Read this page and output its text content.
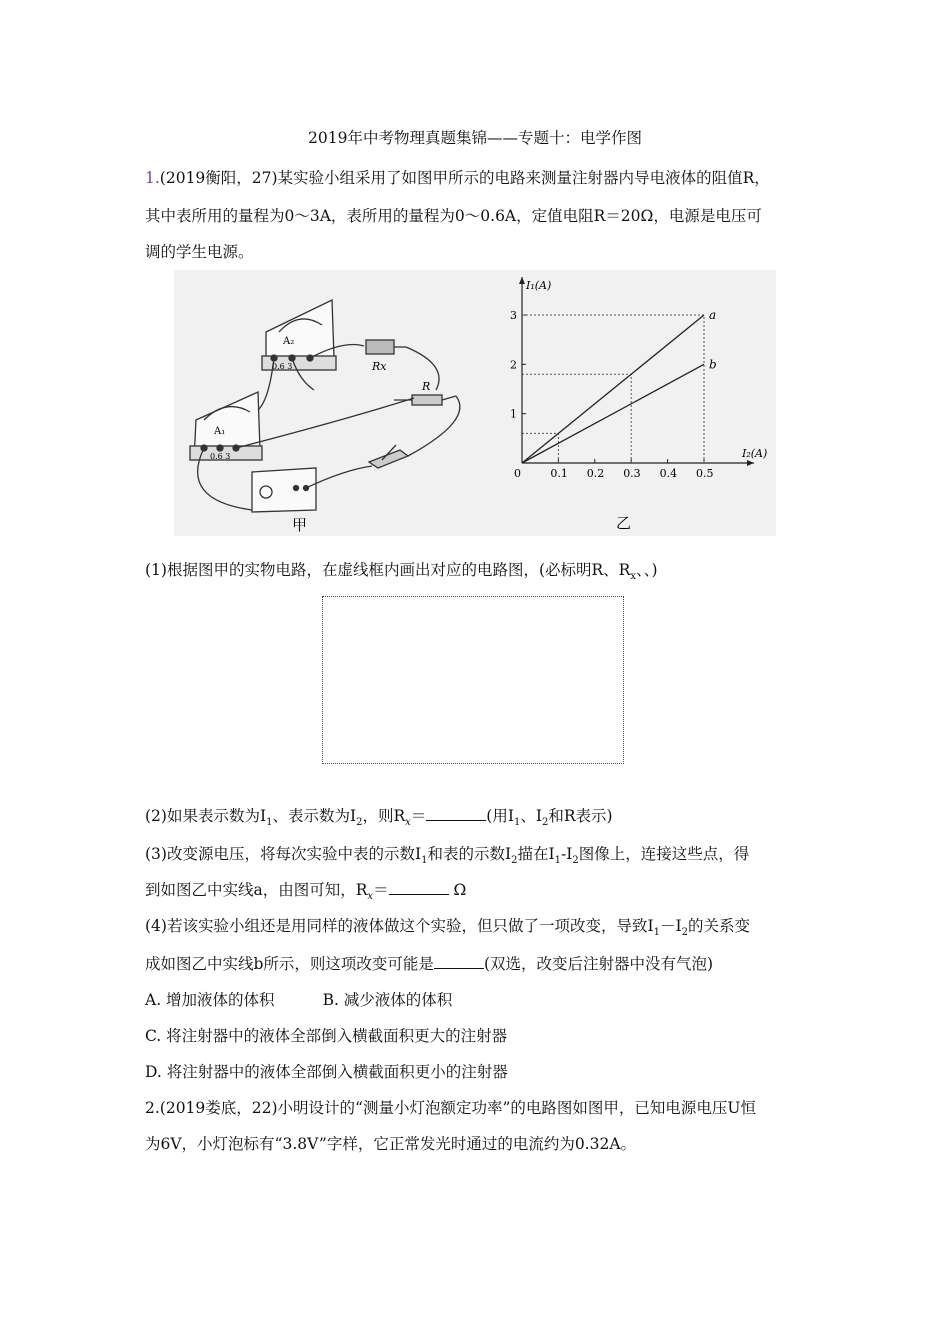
2019年中考物理真题集锦——专题十：电学作图
1.(2019衡阳，27)某实验小组采用了如图甲所示的电路来测量注射器内导电液体的阻值R，
其中表所用的量程为0～3A，表所用的量程为0～0.6A，定值电阻R＝20Ω，电源是电压可
调的学生电源。
A₂
A₁
0.6 3
0.6 3
Rx
R
甲
I₁(A)
I₂(A)
0	0.1 0.2 0.3 0.4 0.5
1
2
3	a
b
乙
(1)根据图甲的实物电路，在虚线框内画出对应的电路图，(必标明R、$R_x$、、)
(2)如果表示数为$I_1$、表示数为$I_2$，则$R_x=$	(用$I_1$、$I_2$和R表示)
(3)改变源电压，将每次实验中表的示数$I_1$和表的示数$I_2$描在$I_1-I_2$图像上，连接这些点，得
到如图乙中实线a，由图可知，$R_x=$	Ω
(4)若该实验小组还是用同样的液体做这个实验，但只做了一项改变，导致$I_1-I_2$的关系变
成如图乙中实线b所示，则这项改变可能是	(双选，改变后注射器中没有气泡)
A. 增加液体的体积	B. 减少液体的体积
C. 将注射器中的液体全部倒入横截面积更大的注射器
D. 将注射器中的液体全部倒入横截面积更小的注射器
2.(2019娄底，22)小明设计的“测量小灯泡额定功率”的电路图如图甲，已知电源电压U恒
为6V，小灯泡标有“3.8V”字样，它正常发光时通过的电流约为0.32A。
